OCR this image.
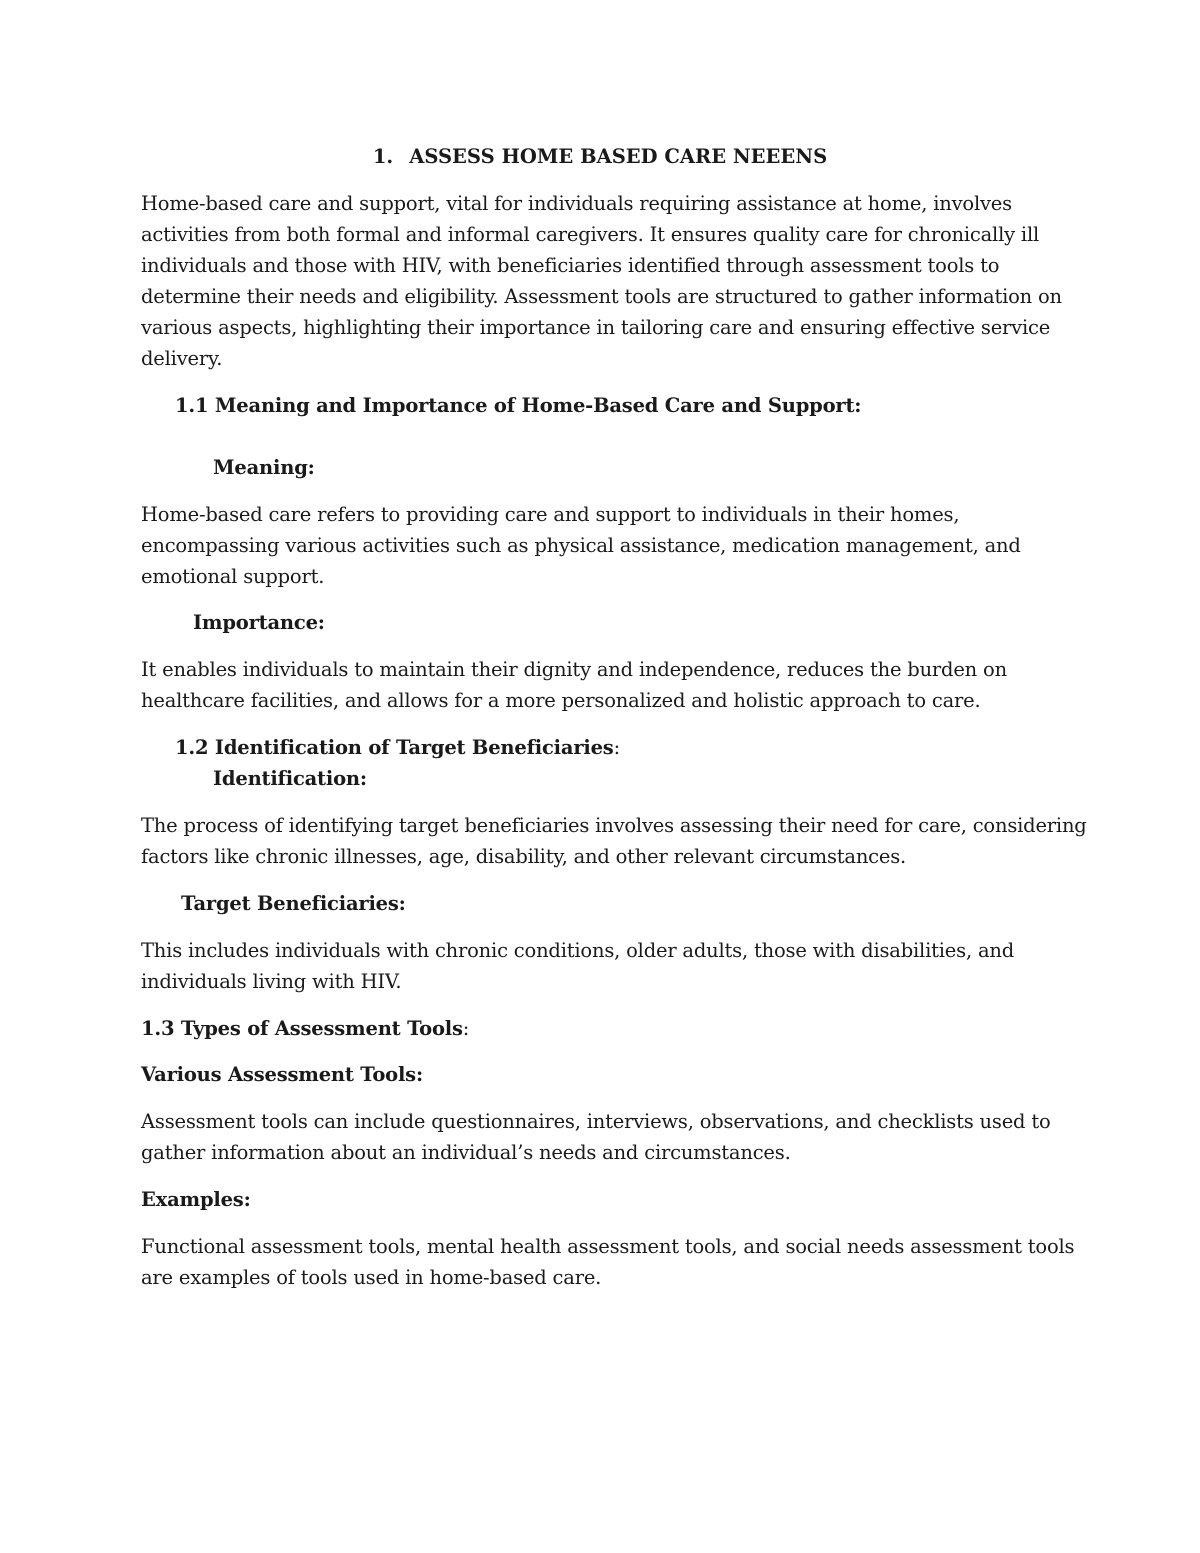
1. ASSESS HOME BASED CARE NEEENS
Home-based care and support, vital for individuals requiring assistance at home, involves
activities from both formal and informal caregivers. It ensures quality care for chronically ill
individuals and those with HIV, with beneficiaries identified through assessment tools to
determine their needs and eligibility. Assessment tools are structured to gather information on
various aspects, highlighting their importance in tailoring care and ensuring effective service
delivery.
1.1 Meaning and Importance of Home-Based Care and Support:
Meaning:
Home-based care refers to providing care and support to individuals in their homes,
encompassing various activities such as physical assistance, medication management, and
emotional support.
Importance:
It enables individuals to maintain their dignity and independence, reduces the burden on
healthcare facilities, and allows for a more personalized and holistic approach to care.
1.2 Identification of Target Beneficiaries:
Identification:
The process of identifying target beneficiaries involves assessing their need for care, considering
factors like chronic illnesses, age, disability, and other relevant circumstances.
Target Beneficiaries:
This includes individuals with chronic conditions, older adults, those with disabilities, and
individuals living with HIV.
1.3 Types of Assessment Tools:
Various Assessment Tools:
Assessment tools can include questionnaires, interviews, observations, and checklists used to
gather information about an individual’s needs and circumstances.
Examples:
Functional assessment tools, mental health assessment tools, and social needs assessment tools
are examples of tools used in home-based care.
